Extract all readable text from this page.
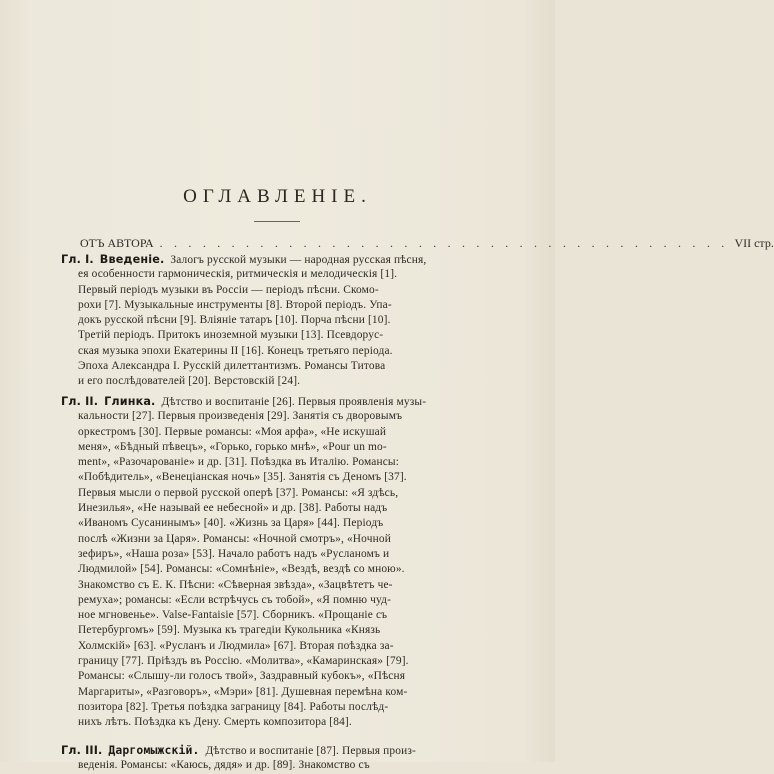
ОГЛАВЛЕНІЕ.
ОТЪ АВТОРА . . . . . . . . . . . . . . . . . . . . . . . . . . . . . . . . . . . . . . . . VII стр.
Гл. I. Введеніе. Залогъ русской музыки — народная русская пѣсня,
ея особенности гармоническія, ритмическія и мелодическія [1].
Первый періодъ музыки въ Россіи — періодъ пѣсни. Скомо-
рохи [7]. Музыкальные инструменты [8]. Второй періодъ. Упа-
докъ русской пѣсни [9]. Вліяніе татаръ [10]. Порча пѣсни [10].
Третій періодъ. Притокъ иноземной музыки [13]. Псевдорус-
ская музыка эпохи Екатерины II [16]. Конецъ третьяго періода.
Эпоха Александра I. Русскій дилеттантизмъ. Романсы Титова
и его послѣдователей [20]. Верстовскій [24].
Гл. II. Глинка. Дѣтство и воспитаніе [26]. Первыя проявленія музы-
кальности [27]. Первыя произведенія [29]. Занятія съ дворовымъ
оркестромъ [30]. Первые романсы: «Моя арфа», «Не искушай
меня», «Бѣдный пѣвецъ», «Горько, горько мнѣ», «Pour un mo-
ment», «Разочарованіе» и др. [31]. Поѣздка въ Италію. Романсы:
«Побѣдитель», «Венеціанская ночь» [35]. Занятія съ Деномъ [37].
Первыя мысли о первой русской оперѣ [37]. Романсы: «Я здѣсь,
Инезилья», «Не называй ее небесной» и др. [38]. Работы надъ
«Иваномъ Сусанинымъ» [40]. «Жизнь за Царя» [44]. Періодъ
послѣ «Жизни за Царя». Романсы: «Ночной смотръ», «Ночной
зефиръ», «Наша роза» [53]. Начало работъ надъ «Русланомъ и
Людмилой» [54]. Романсы: «Сомнѣніе», «Вездѣ, вездѣ со мною».
Знакомство съ Е. К. Пѣсни: «Сѣверная звѣзда», «Зацвѣтетъ че-
ремуха»; романсы: «Если встрѣчусь съ тобой», «Я помню чуд-
ное мгновенье». Valse-Fantaisie [57]. Сборникъ. «Прощаніе съ
Петербургомъ» [59]. Музыка къ трагедіи Кукольника «Князь
Холмскій» [63]. «Русланъ и Людмила» [67]. Вторая поѣздка за-
границу [77]. Пріѣздъ въ Россію. «Молитва», «Камаринская» [79].
Романсы: «Слышу-ли голосъ твой», Заздравный кубокъ», «Пѣсня
Маргариты», «Разговоръ», «Мэри» [81]. Душевная перемѣна ком-
позитора [82]. Третья поѣздка заграницу [84]. Работы послѣд-
нихъ лѣтъ. Поѣздка къ Дену. Смерть композитора [84].
Гл. III. Даргомыжскій. Дѣтство и воспитаніе [87]. Первыя произ-
веденія. Романсы: «Каюсь, дядя» и др. [89]. Знакомство съ
